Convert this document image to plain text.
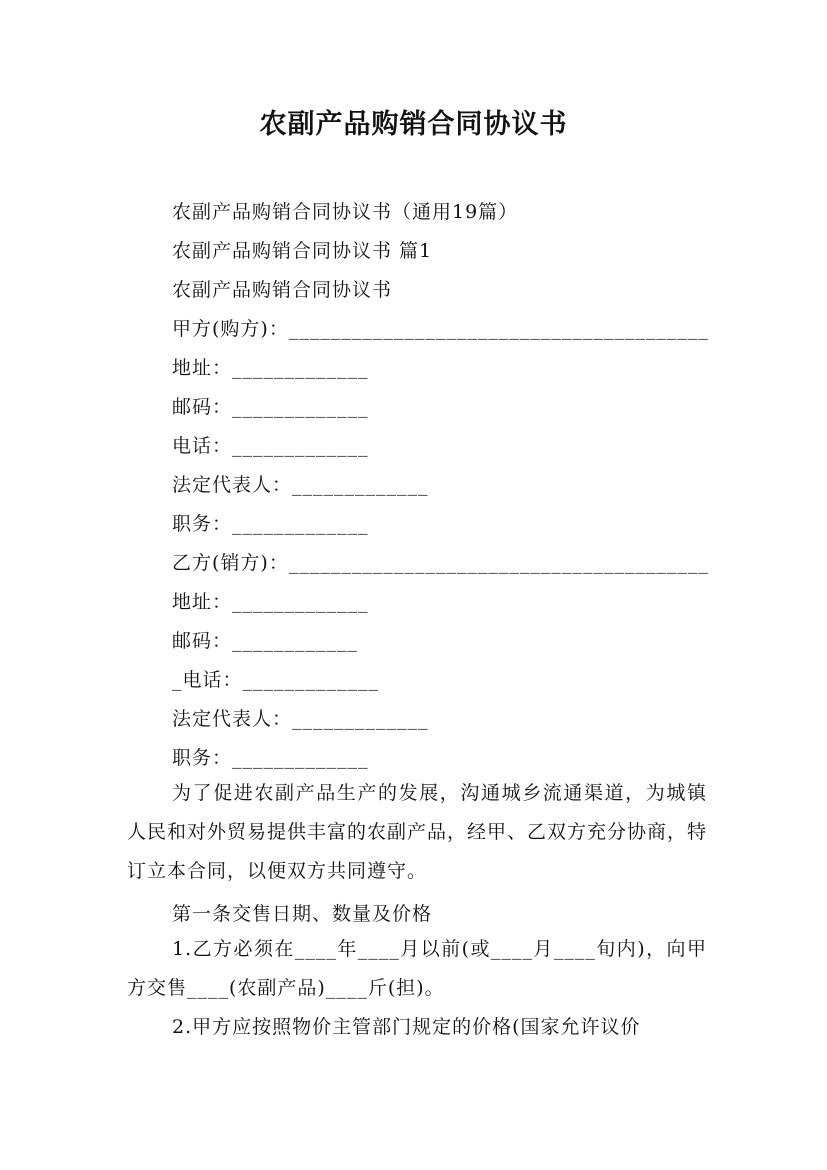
农副产品购销合同协议书
农副产品购销合同协议书（通用19篇）
农副产品购销合同协议书 篇1
农副产品购销合同协议书
甲方(购方)：________________________________________
地址：_____________
邮码：_____________
电话：_____________
法定代表人：_____________
职务：_____________
乙方(销方)：________________________________________
地址：_____________
邮码：____________
_电话：_____________
法定代表人：_____________
职务：_____________
为了促进农副产品生产的发展，沟通城乡流通渠道，为城镇人民和对外贸易提供丰富的农副产品，经甲、乙双方充分协商，特订立本合同，以便双方共同遵守。
第一条交售日期、数量及价格
1.乙方必须在____年____月以前(或____月____旬内)，向甲方交售____(农副产品)____斤(担)。
2.甲方应按照物价主管部门规定的价格(国家允许议价
